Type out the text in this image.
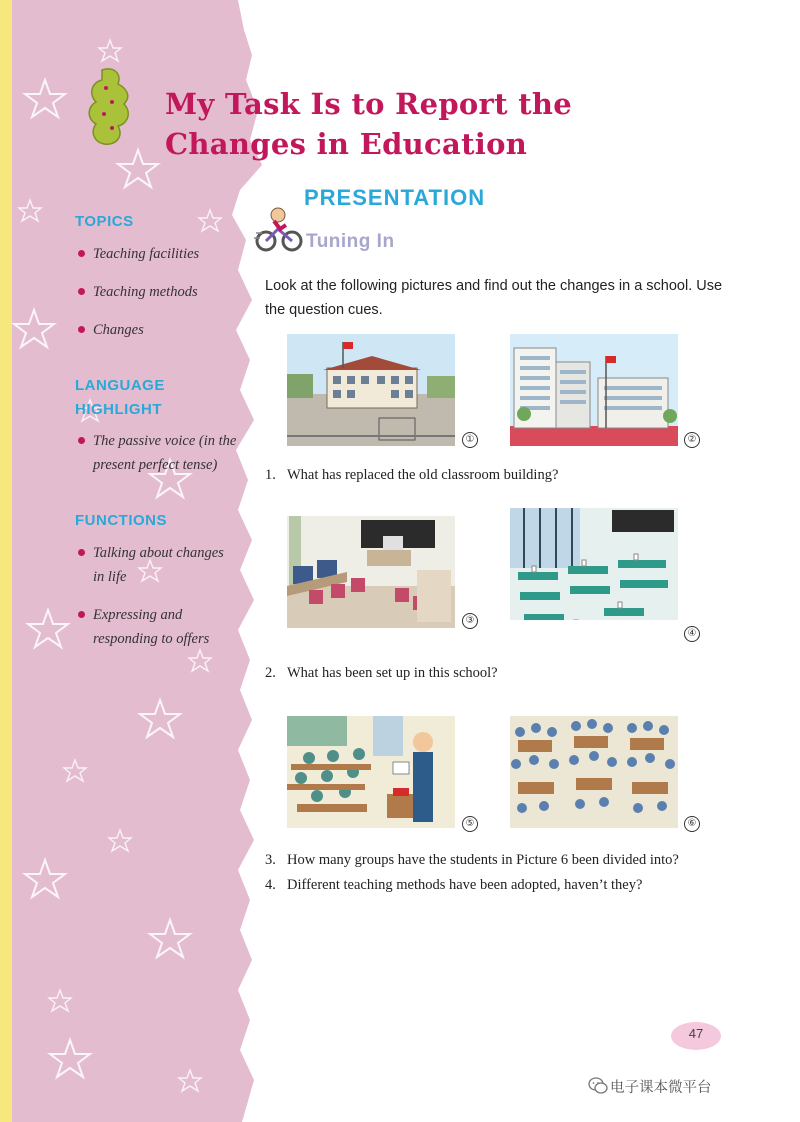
My Task Is to Report the
Changes in Education
TOPICS
Teaching facilities
Teaching methods
Changes
LANGUAGE
HIGHLIGHT
The passive voice (in the
present perfect tense)
FUNCTIONS
Talking about changes
in life
Expressing and
responding to offers
PRESENTATION
Tuning In

Look at the following pictures and find out the changes in a school. Use the question cues.

①	②
1. What has replaced the old classroom building?
③
④
2. What has been set up in this school?
⑤	⑥
3. How many groups have the students in Picture 6 been divided into?
4. Different teaching methods have been adopted, haven’t they?
47
电子课本微平台
